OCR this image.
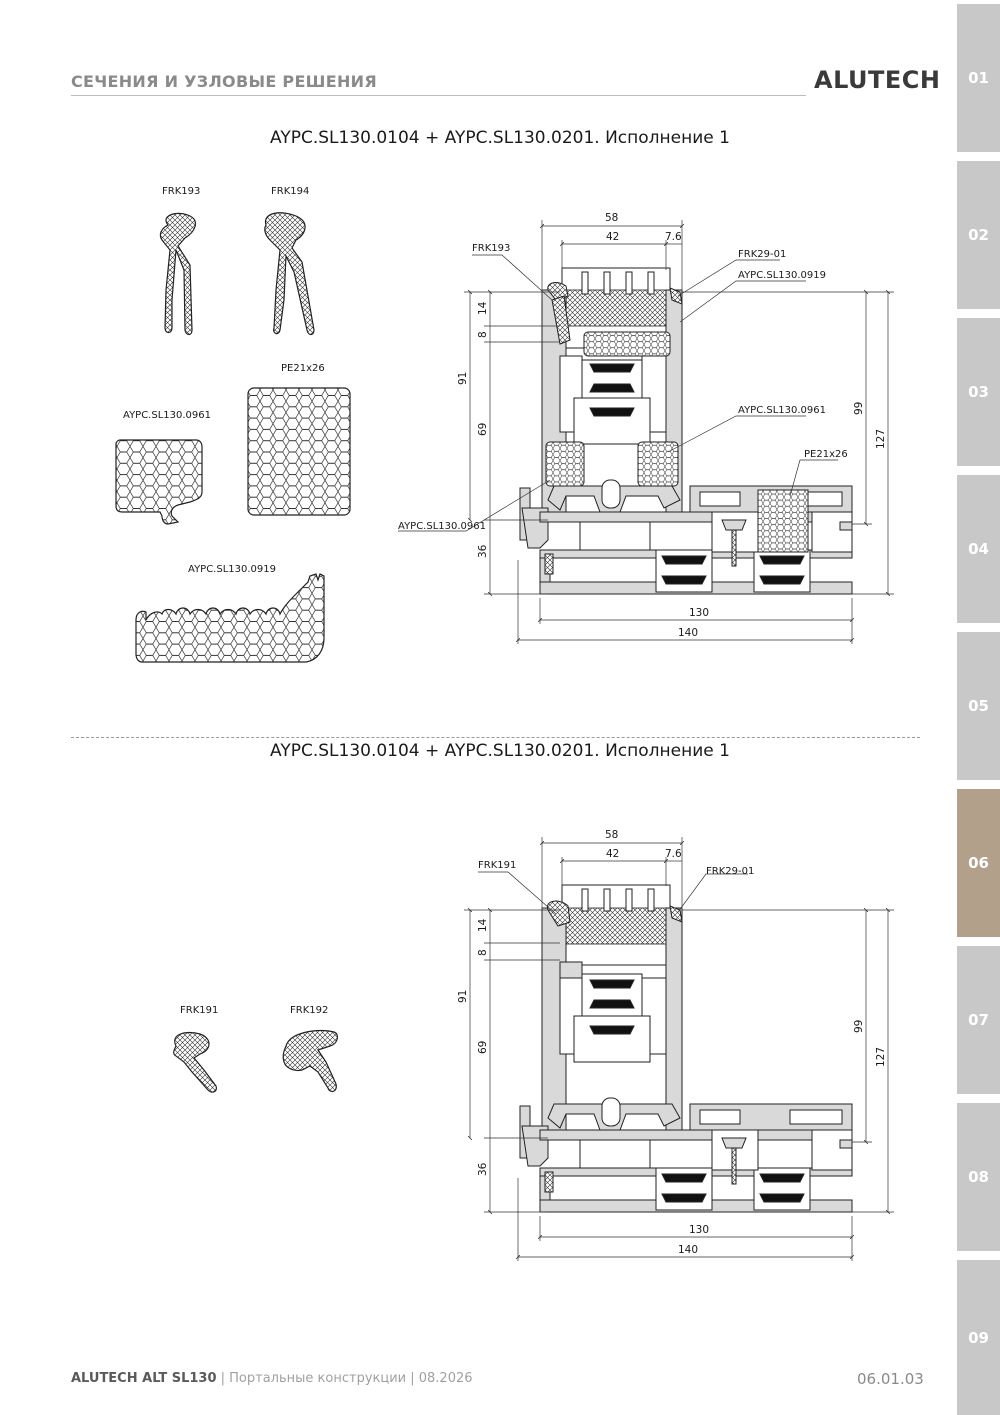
СЕЧЕНИЯ И УЗЛОВЫЕ РЕШЕНИЯ	ALUTECH	01
02
03
04
05
06
07
08
09
AYPC.SL130.0104 + AYPC.SL130.0201. Исполнение 1
AYPC.SL130.0104 + AYPC.SL130.0201. Исполнение 1
FRK193	FRK194
PE21x26
AYPC.SL130.0961
AYPC.SL130.0919
58
42	7.6
14
8
91
69
36
99
127
130
140
FRK193
FRK29-01
AYPC.SL130.0919
AYPC.SL130.0961
PE21x26
AYPC.SL130.0961
FRK191	FRK192
58
42	7.6
14
8
91
69
36
99
127
130
140
FRK191
FRK29-01
ALUTECH ALT SL130 | Портальные конструкции | 08.2026	06.01.03
